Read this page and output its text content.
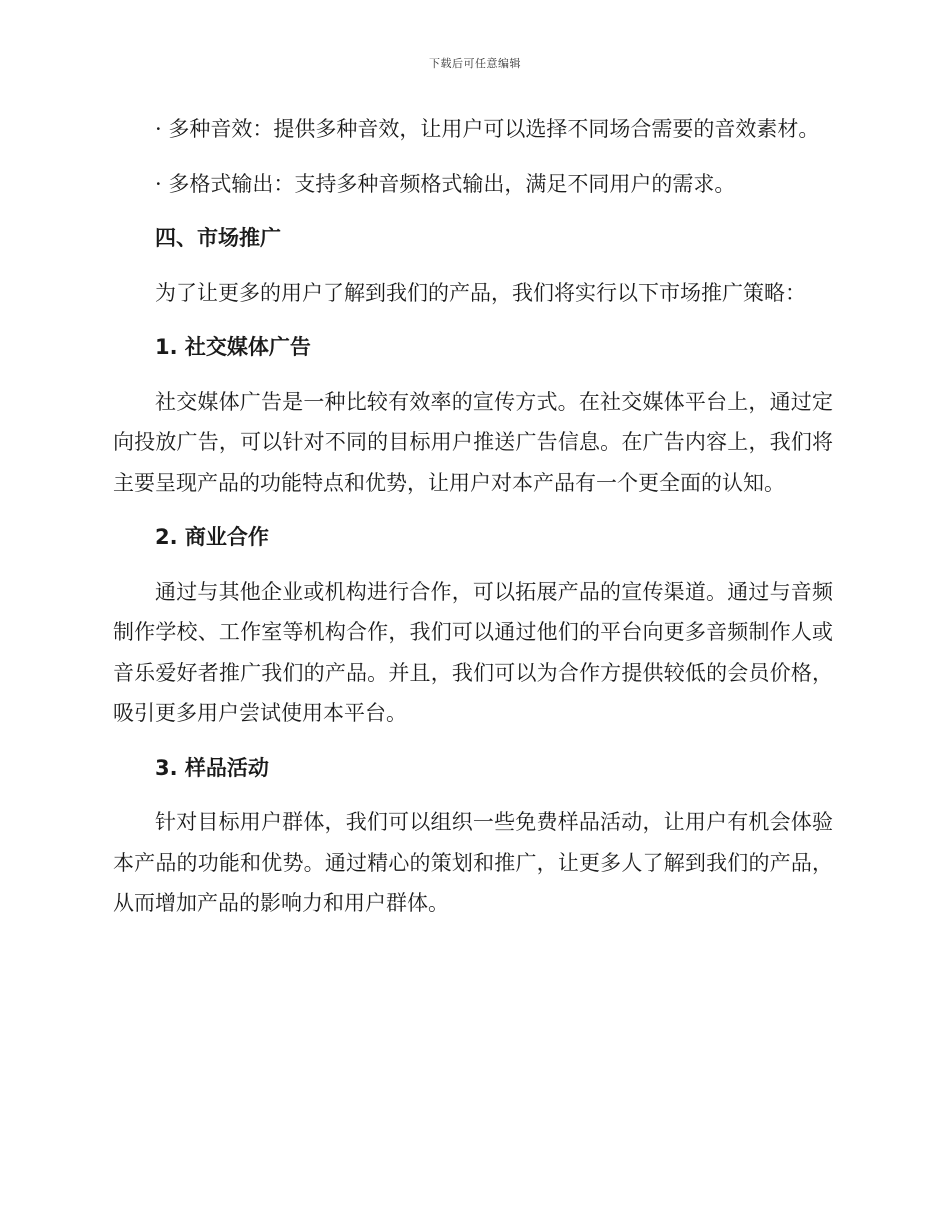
下载后可任意编辑

· 多种音效：提供多种音效，让用户可以选择不同场合需要的音效素材。

· 多格式输出：支持多种音频格式输出，满足不同用户的需求。

四、市场推广

为了让更多的用户了解到我们的产品，我们将实行以下市场推广策略：

1. 社交媒体广告

社交媒体广告是一种比较有效率的宣传方式。在社交媒体平台上，通过定向投放广告，可以针对不同的目标用户推送广告信息。在广告内容上，我们将主要呈现产品的功能特点和优势，让用户对本产品有一个更全面的认知。

2. 商业合作

通过与其他企业或机构进行合作，可以拓展产品的宣传渠道。通过与音频制作学校、工作室等机构合作，我们可以通过他们的平台向更多音频制作人或音乐爱好者推广我们的产品。并且，我们可以为合作方提供较低的会员价格，吸引更多用户尝试使用本平台。

3. 样品活动

针对目标用户群体，我们可以组织一些免费样品活动，让用户有机会体验本产品的功能和优势。通过精心的策划和推广，让更多人了解到我们的产品，从而增加产品的影响力和用户群体。
